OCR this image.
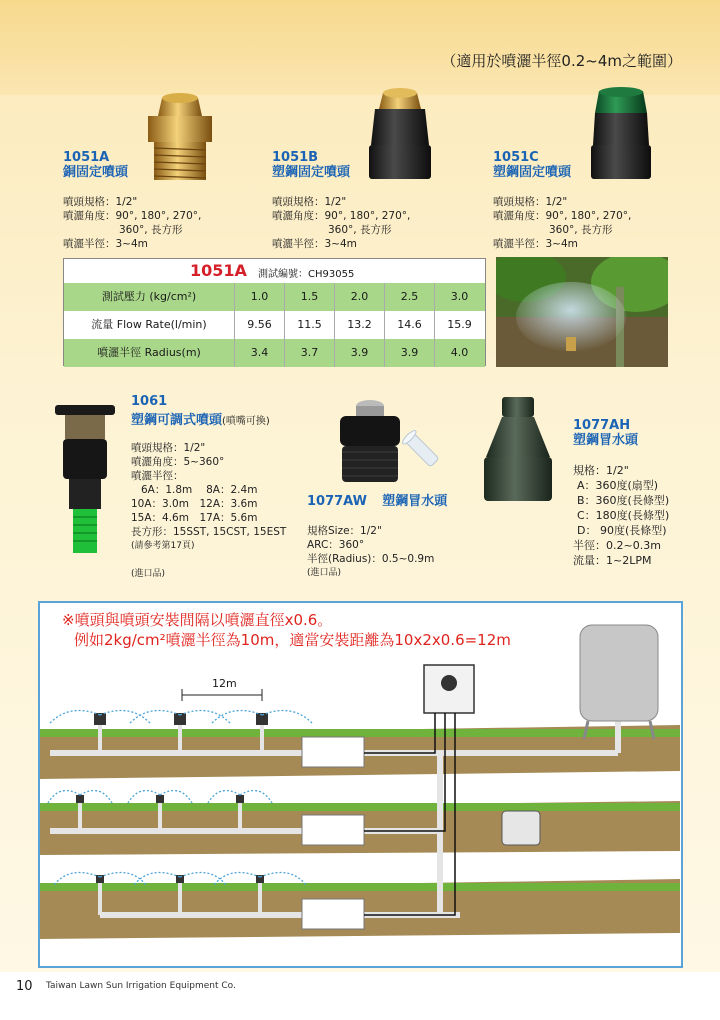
（適用於噴灑半徑0.2~4m之範圍）
1051A
銅固定噴頭
噴頭規格：1/2"
噴灑角度：90°, 180°, 270°,
360°, 長方形
噴灑半徑：3~4m
1051B
塑鋼固定噴頭
噴頭規格：1/2"
噴灑角度：90°, 180°, 270°,
360°, 長方形
噴灑半徑：3~4m
1051C
塑鋼固定噴頭
噴頭規格：1/2"
噴灑角度：90°, 180°, 270°,
360°, 長方形
噴灑半徑：3~4m
1051A 測試編號：CH93055
測試壓力 (kg/cm²)	1.0	1.5	2.0	2.5	3.0
流量 Flow Rate(l/min)	9.56	11.5	13.2	14.6	15.9
噴灑半徑 Radius(m)	3.4	3.7	3.9	3.9	4.0
1061
塑鋼可調式噴頭(噴嘴可換)
噴頭規格：1/2"
噴灑角度：5~360°
噴灑半徑：
6A：1.8m　 8A：2.4m
10A：3.0m　12A：3.6m
15A：4.6m　17A：5.6m
長方形：15SST, 15CST, 15EST
(請參考第17頁)
(進口品)
1077AW 塑鋼冒水頭
規格Size：1/2"
ARC：360°
半徑(Radius)：0.5~0.9m
(進口品)
1077AH
塑鋼冒水頭
規格：1/2"
A：360度(扇型)
B：360度(長條型)
C：180度(長條型)
D： 90度(長條型)
半徑：0.2~0.3m
流量：1~2LPM
※噴頭與噴頭安裝間隔以噴灑直徑x0.6。
例如2kg/cm²噴灑半徑為10m，適當安裝距離為10x2x0.6=12m
12m
10 Taiwan Lawn Sun Irrigation Equipment Co.
